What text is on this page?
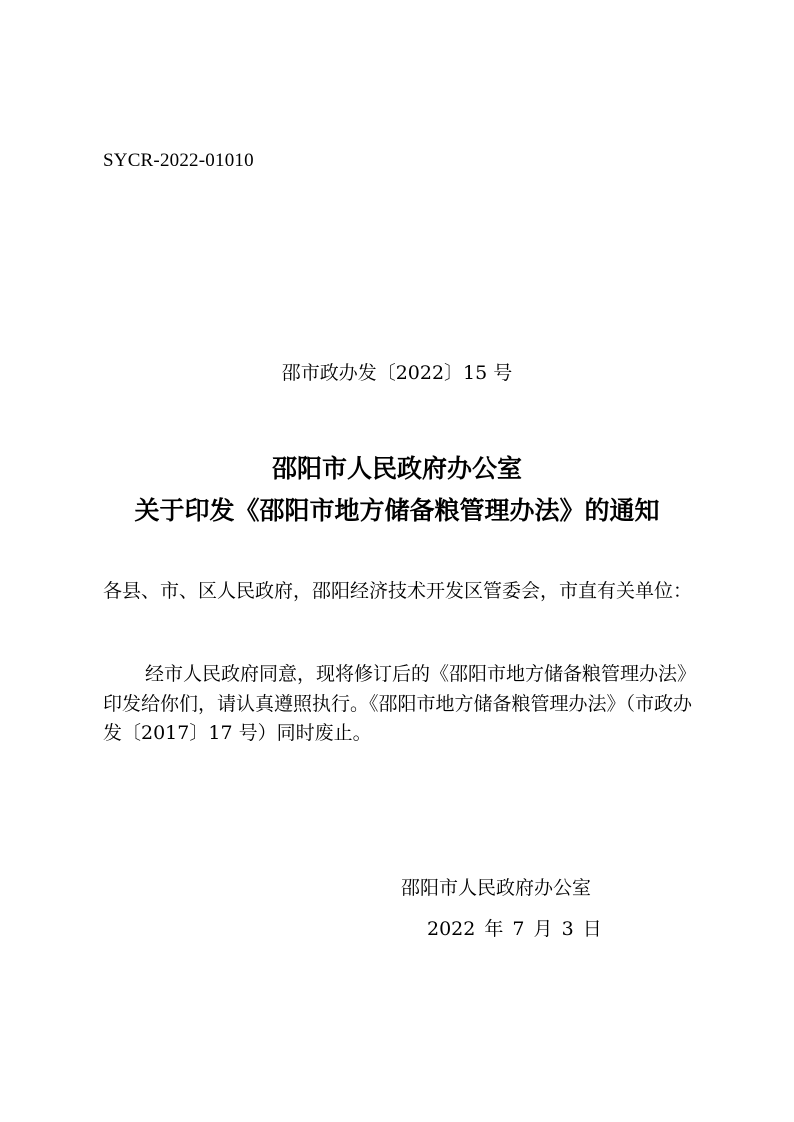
SYCR-2022-01010
邵市政办发〔2022〕15 号
邵阳市人民政府办公室
关于印发《邵阳市地方储备粮管理办法》的通知
各县、市、区人民政府，邵阳经济技术开发区管委会，市直有关单位：
经市人民政府同意，现将修订后的《邵阳市地方储备粮管理办法》印发给你们，请认真遵照执行。《邵阳市地方储备粮管理办法》（市政办发〔2017〕17 号）同时废止。
邵阳市人民政府办公室
2022 年 7 月 3 日
